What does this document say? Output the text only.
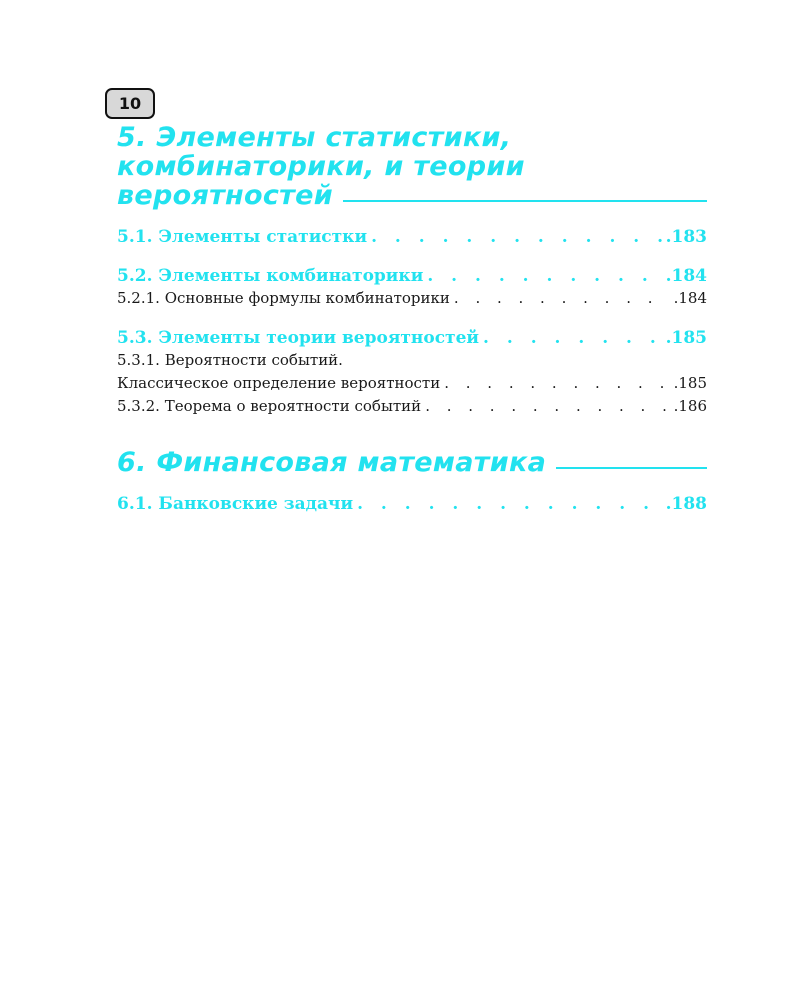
10
5. Элементы статистики,
комбинаторики, и теории
вероятностей
5.1. Элементы статистки . . .	.183
5.2. Элементы комбинаторики . . .	.184
5.2.1. Основные формулы комбинаторики . . .	.184
5.3. Элементы теории вероятностей . . .	.185
5.3.1. Вероятности событий.
Классическое определение вероятности . . .	.185
5.3.2. Теорема о вероятности событий . . .	.186
6. Финансовая математика
6.1. Банковские задачи . . .	.188
